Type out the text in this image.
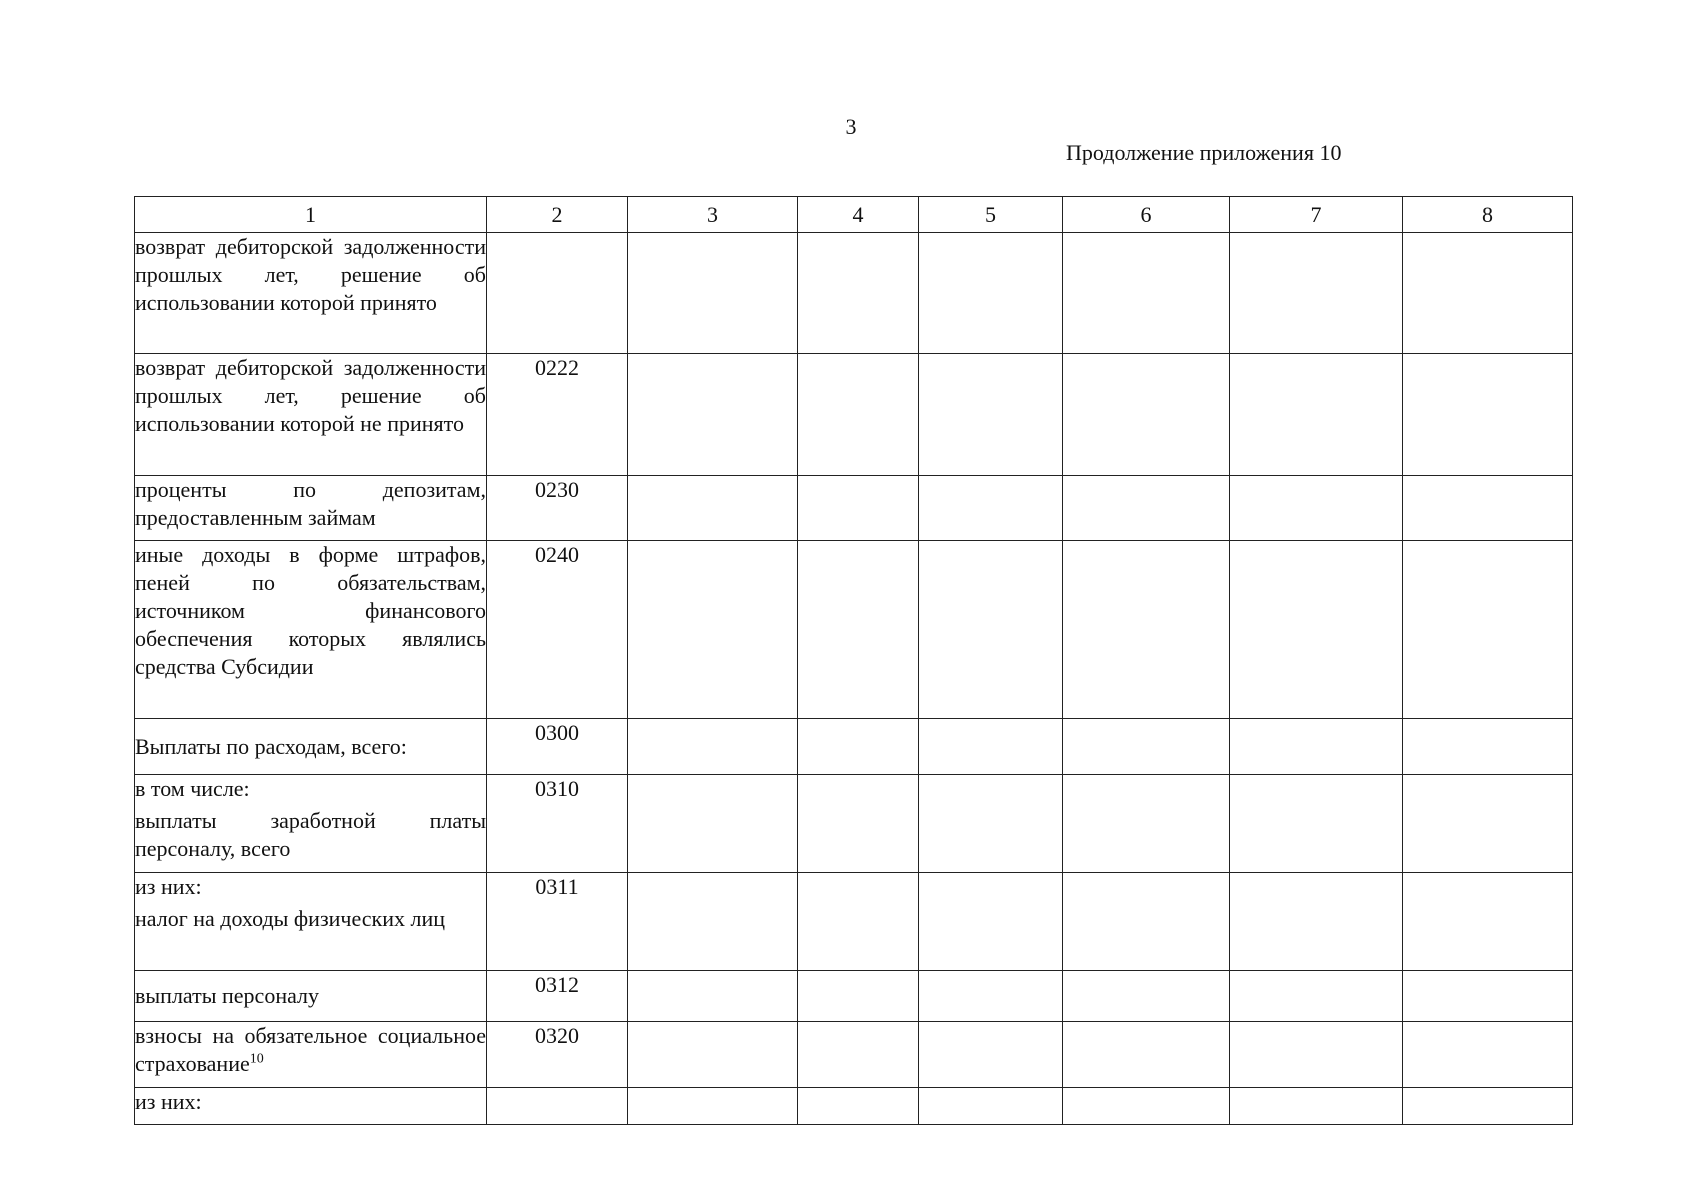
3
Продолжение приложения 10
1	2	3	4	5	6	7	8

возврат дебиторской задолженности прошлых лет, решение об использовании которой принято							

возврат дебиторской задолженности прошлых лет, решение об использовании которой не принято	0222						

проценты по депозитам, предоставленным займам	0230						

иные доходы в форме штрафов, пеней по обязательствам, источником финансового обеспечения которых являлись средства Субсидии	0240						

Выплаты по расходам, всего:	0300						

в том числе:
выплаты заработной платы персоналу, всего	0310						

из них:
налог на доходы физических лиц	0311						

выплаты персоналу	0312						

взносы на обязательное социальное страхование$^{10}$	0320						

из них:							
